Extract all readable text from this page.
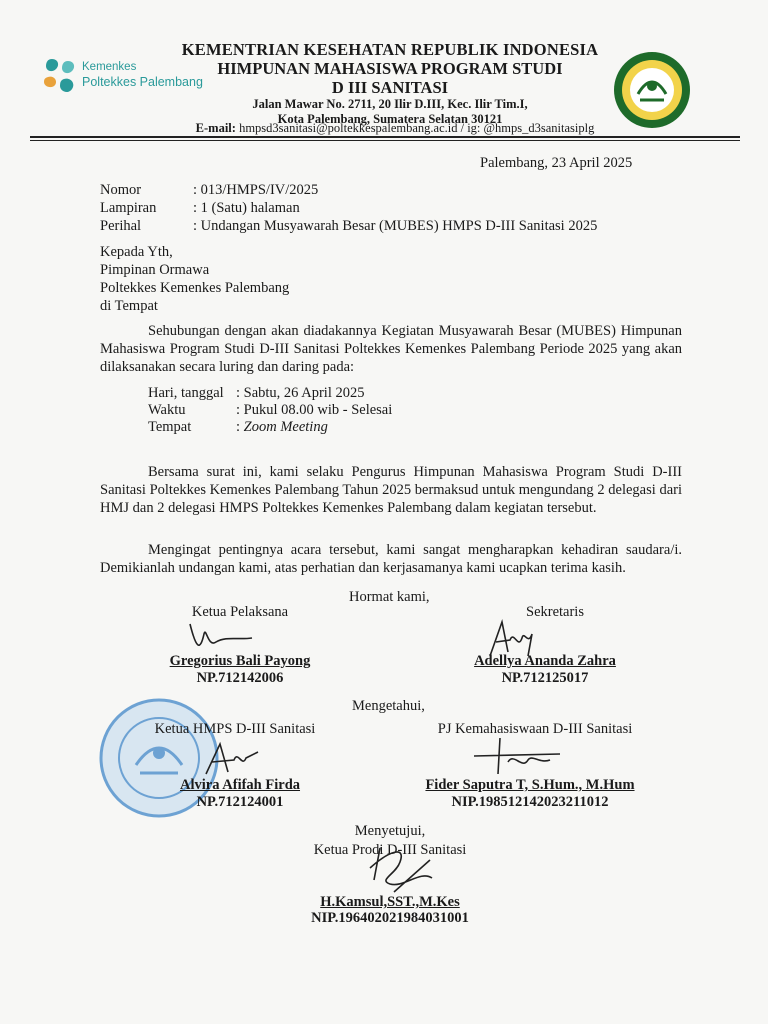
Kemenkes
Poltekkes Palembang
KEMENTRIAN KESEHATAN REPUBLIK INDONESIA
HIMPUNAN MAHASISWA PROGRAM STUDI
D III SANITASI
Jalan Mawar No. 2711, 20 Ilir D.III, Kec. Ilir Tim.I,
Kota Palembang, Sumatera Selatan 30121
E-mail: hmpsd3sanitasi@poltekkespalembang.ac.id / ig: @hmps_d3sanitasiplg
Palembang, 23 April 2025
Nomor	: 013/HMPS/IV/2025
Lampiran	: 1 (Satu) halaman
Perihal	: Undangan Musyawarah Besar (MUBES) HMPS D-III Sanitasi 2025
Kepada Yth,
Pimpinan Ormawa
Poltekkes Kemenkes Palembang
di Tempat
Sehubungan dengan akan diadakannya Kegiatan Musyawarah Besar (MUBES) Himpunan Mahasiswa Program Studi D-III Sanitasi Poltekkes Kemenkes Palembang Periode 2025 yang akan dilaksanakan secara luring dan daring pada:
Hari, tanggal : Sabtu, 26 April 2025
Waktu	: Pukul 08.00 wib - Selesai
Tempat	: Zoom Meeting
Bersama surat ini, kami selaku Pengurus Himpunan Mahasiswa Program Studi D-III Sanitasi Poltekkes Kemenkes Palembang Tahun 2025 bermaksud untuk mengundang 2 delegasi dari HMJ dan 2 delegasi HMPS Poltekkes Kemenkes Palembang dalam kegiatan tersebut.
Mengingat pentingnya acara tersebut, kami sangat mengharapkan kehadiran saudara/i. Demikianlah undangan kami, atas perhatian dan kerjasamanya kami ucapkan terima kasih.
Hormat kami,
Ketua Pelaksana	Sekretaris
Gregorius Bali Payong
NP.712142006
Adellya Ananda Zahra
NP.712125017
Mengetahui,
Ketua HMPS D-III Sanitasi	PJ Kemahasiswaan D-III Sanitasi
Alvira Afifah Firda
NP.712124001
Fider Saputra T, S.Hum., M.Hum
NIP.198512142023211012
Menyetujui,
Ketua Prodi D-III Sanitasi
H.Kamsul,SST.,M.Kes
NIP.196402021984031001
